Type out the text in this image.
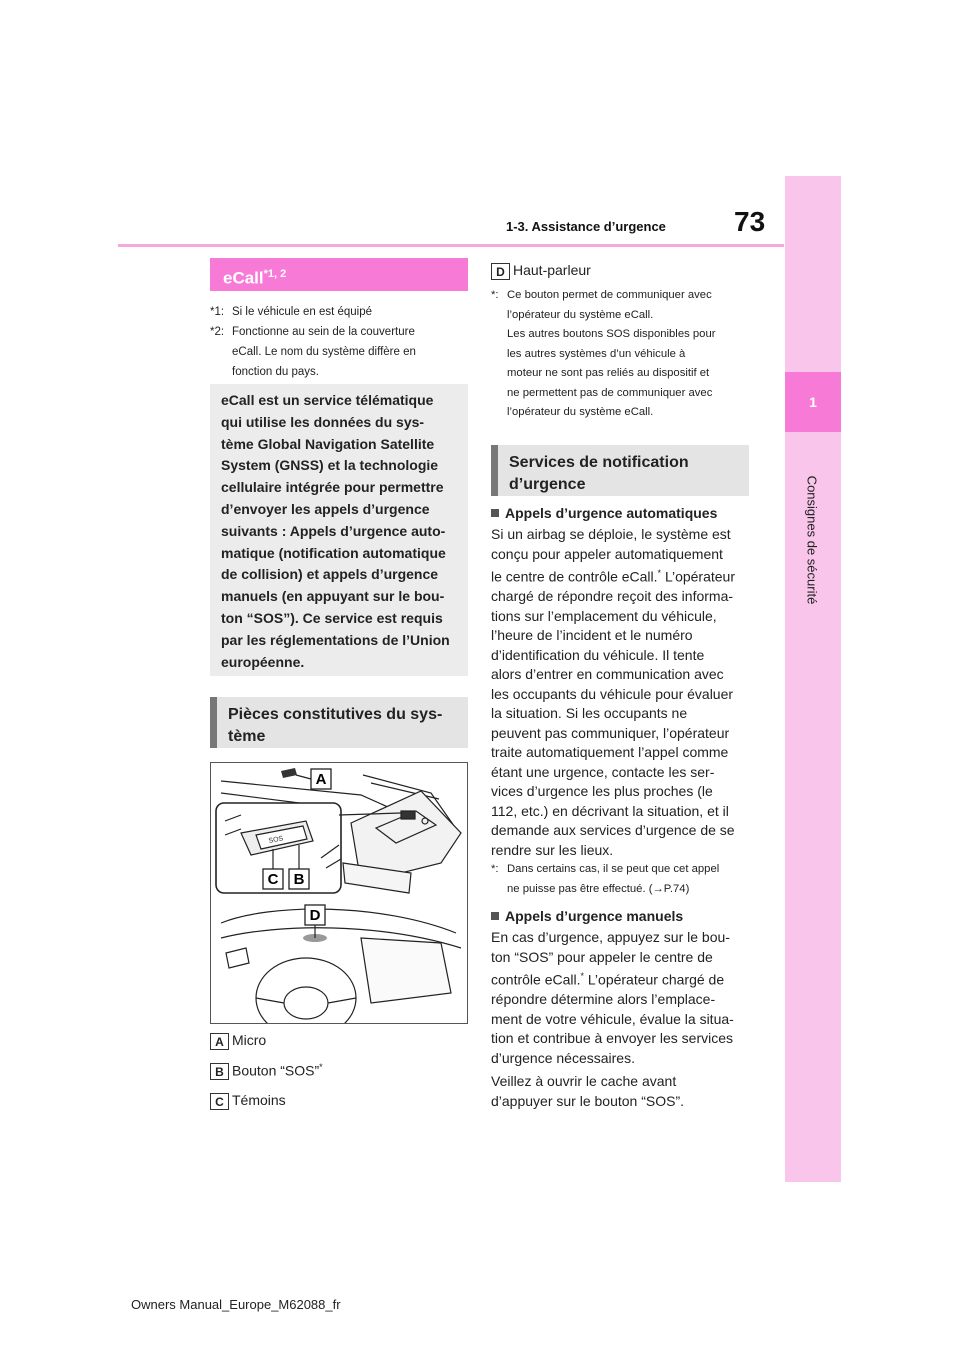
73
1-3. Assistance d’urgence
1
Consignes de sécurité
eCall$^{*1, 2}$
*1: Si le véhicule en est équipé
*2: Fonctionne au sein de la couverture
eCall. Le nom du système diffère en
fonction du pays.
eCall est un service télématique
qui utilise les données du sys-
tème Global Navigation Satellite
System (GNSS) et la technologie
cellulaire intégrée pour permettre
d’envoyer les appels d’urgence
suivants : Appels d’urgence auto-
matique (notification automatique
de collision) et appels d’urgence
manuels (en appuyant sur le bou-
ton “SOS”). Ce service est requis
par les réglementations de l’Union
européenne.
Pièces constitutives du sys-
tème
A
C B
D
SOS
A Micro
B Bouton “SOS”*
C Témoins
D Haut-parleur
*: Ce bouton permet de communiquer avec
l’opérateur du système eCall.
Les autres boutons SOS disponibles pour
les autres systèmes d’un véhicule à
moteur ne sont pas reliés au dispositif et
ne permettent pas de communiquer avec
l’opérateur du système eCall.
Services de notification
d’urgence
Appels d’urgence automatiques
Si un airbag se déploie, le système est
conçu pour appeler automatiquement
le centre de contrôle eCall.* L’opérateur
chargé de répondre reçoit des informa-
tions sur l’emplacement du véhicule,
l’heure de l’incident et le numéro
d’identification du véhicule. Il tente
alors d’entrer en communication avec
les occupants du véhicule pour évaluer
la situation. Si les occupants ne
peuvent pas communiquer, l’opérateur
traite automatiquement l’appel comme
étant une urgence, contacte les ser-
vices d’urgence les plus proches (le
112, etc.) en décrivant la situation, et il
demande aux services d’urgence de se
rendre sur les lieux.
*: Dans certains cas, il se peut que cet appel
ne puisse pas être effectué. (→P.74)
Appels d’urgence manuels
En cas d’urgence, appuyez sur le bou-
ton “SOS” pour appeler le centre de
contrôle eCall.* L’opérateur chargé de
répondre détermine alors l’emplace-
ment de votre véhicule, évalue la situa-
tion et contribue à envoyer les services
d’urgence nécessaires.
Veillez à ouvrir le cache avant
d’appuyer sur le bouton “SOS”.
Owners Manual_Europe_M62088_fr
